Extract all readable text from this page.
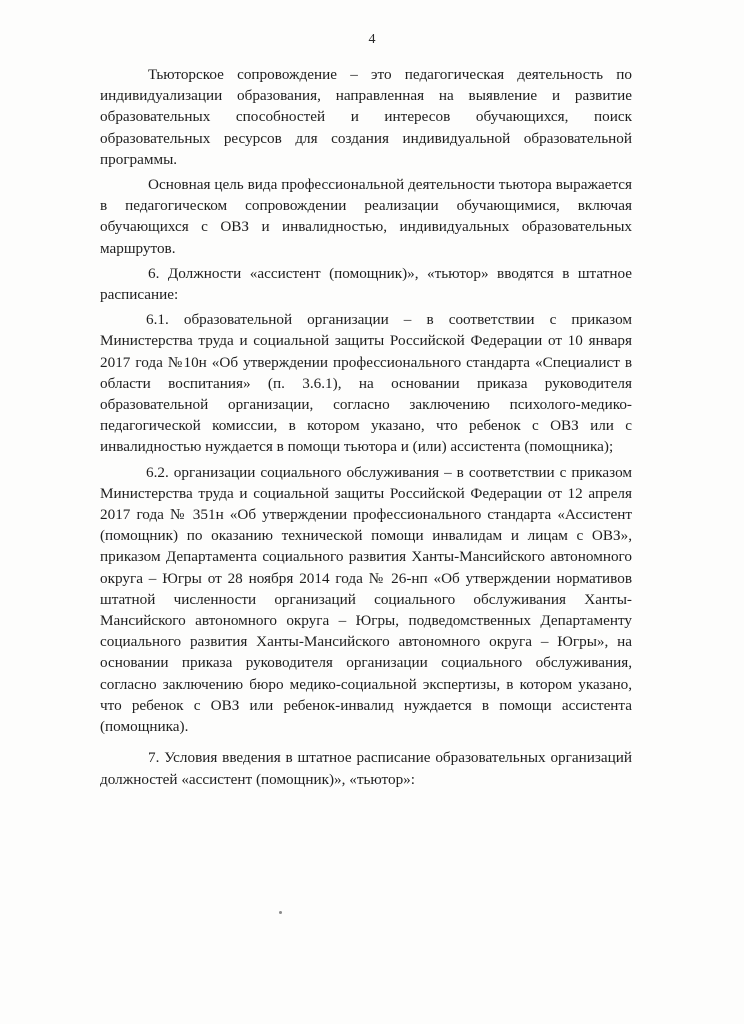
4

Тьюторское сопровождение – это педагогическая деятельность по индивидуализации образования, направленная на выявление и развитие образовательных способностей и интересов обучающихся, поиск образовательных ресурсов для создания индивидуальной образовательной программы.

Основная цель вида профессиональной деятельности тьютора выражается в педагогическом сопровождении реализации обучающимися, включая обучающихся с ОВЗ и инвалидностью, индивидуальных образовательных маршрутов.

6. Должности «ассистент (помощник)», «тьютор» вводятся в штатное расписание:

6.1. образовательной организации – в соответствии с приказом Министерства труда и социальной защиты Российской Федерации от 10 января 2017 года №10н «Об утверждении профессионального стандарта «Специалист в области воспитания» (п. 3.6.1), на основании приказа руководителя образовательной организации, согласно заключению психолого-медико-педагогической комиссии, в котором указано, что ребенок с ОВЗ или с инвалидностью нуждается в помощи тьютора и (или) ассистента (помощника);

6.2. организации социального обслуживания – в соответствии с приказом Министерства труда и социальной защиты Российской Федерации от 12 апреля 2017 года № 351н «Об утверждении профессионального стандарта «Ассистент (помощник) по оказанию технической помощи инвалидам и лицам с ОВЗ», приказом Департамента социального развития Ханты-Мансийского автономного округа – Югры от 28 ноября 2014 года № 26-нп «Об утверждении нормативов штатной численности организаций социального обслуживания Ханты-Мансийского автономного округа – Югры, подведомственных Департаменту социального развития Ханты-Мансийского автономного округа – Югры», на основании приказа руководителя организации социального обслуживания, согласно заключению бюро медико-социальной экспертизы, в котором указано, что ребенок с ОВЗ или ребенок-инвалид нуждается в помощи ассистента (помощника).

7. Условия введения в штатное расписание образовательных организаций должностей «ассистент (помощник)», «тьютор»:
